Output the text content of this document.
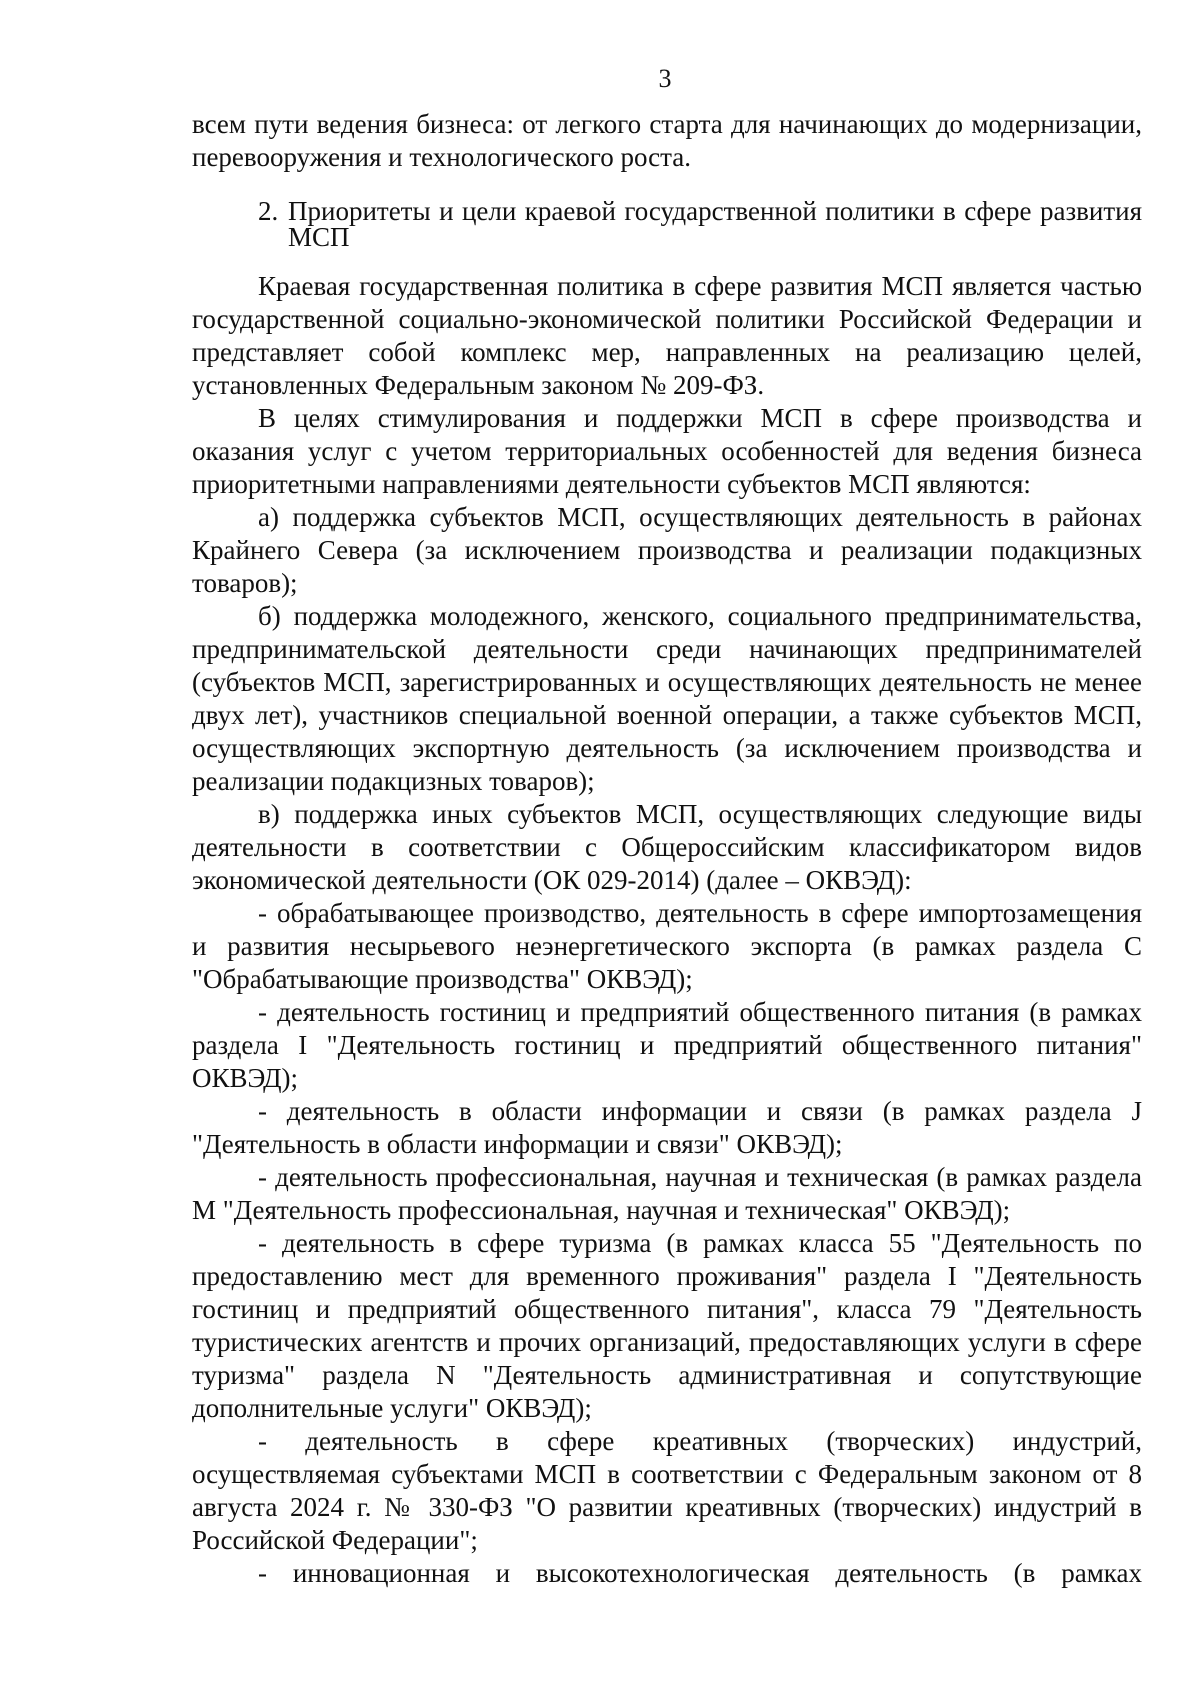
3

всем пути ведения бизнеса: от легкого старта для начинающих до модернизации, перевооружения и технологического роста.

2. Приоритеты и цели краевой государственной политики в сфере развития МСП

Краевая государственная политика в сфере развития МСП является частью государственной социально-экономической политики Российской Федерации и представляет собой комплекс мер, направленных на реализацию целей, установленных Федеральным законом № 209-ФЗ.

В целях стимулирования и поддержки МСП в сфере производства и оказания услуг с учетом территориальных особенностей для ведения бизнеса приоритетными направлениями деятельности субъектов МСП являются:

а) поддержка субъектов МСП, осуществляющих деятельность в районах Крайнего Севера (за исключением производства и реализации подакцизных товаров);

б) поддержка молодежного, женского, социального предпринимательства, предпринимательской деятельности среди начинающих предпринимателей (субъектов МСП, зарегистрированных и осуществляющих деятельность не менее двух лет), участников специальной военной операции, а также субъектов МСП, осуществляющих экспортную деятельность (за исключением производства и реализации подакцизных товаров);

в) поддержка иных субъектов МСП, осуществляющих следующие виды деятельности в соответствии с Общероссийским классификатором видов экономической деятельности (ОК 029-2014) (далее – ОКВЭД):

- обрабатывающее производство, деятельность в сфере импортозамещения и развития несырьевого неэнергетического экспорта (в рамках раздела С "Обрабатывающие производства" ОКВЭД);

- деятельность гостиниц и предприятий общественного питания (в рамках раздела I "Деятельность гостиниц и предприятий общественного питания" ОКВЭД);

- деятельность в области информации и связи (в рамках раздела J "Деятельность в области информации и связи" ОКВЭД);

- деятельность профессиональная, научная и техническая (в рамках раздела М "Деятельность профессиональная, научная и техническая" ОКВЭД);

- деятельность в сфере туризма (в рамках класса 55 "Деятельность по предоставлению мест для временного проживания" раздела I "Деятельность гостиниц и предприятий общественного питания", класса 79 "Деятельность туристических агентств и прочих организаций, предоставляющих услуги в сфере туризма" раздела N "Деятельность административная и сопутствующие дополнительные услуги" ОКВЭД);

- деятельность в сфере креативных (творческих) индустрий, осуществляемая субъектами МСП в соответствии с Федеральным законом от 8 августа 2024 г. № 330-ФЗ "О развитии креативных (творческих) индустрий в Российской Федерации";

- инновационная и высокотехнологическая деятельность (в рамках
